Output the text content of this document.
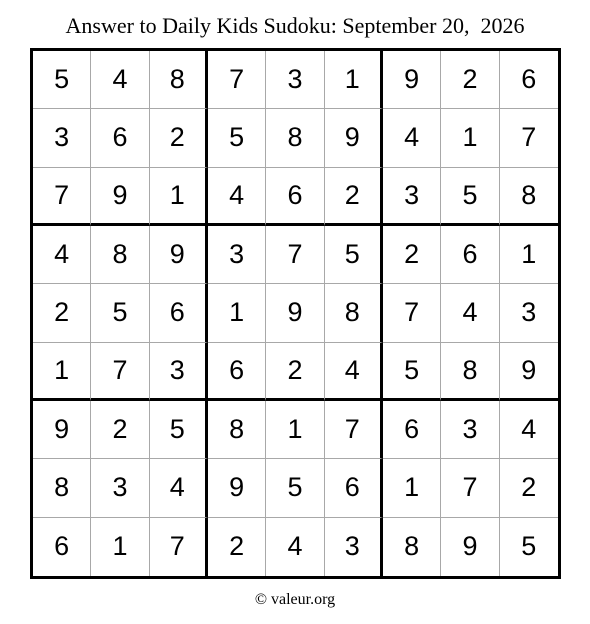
Answer to Daily Kids Sudoku: September 20,  2026
5	4	8	7	3	1	9	2	6
3	6	2	5	8	9	4	1	7
7	9	1	4	6	2	3	5	8
4	8	9	3	7	5	2	6	1
2	5	6	1	9	8	7	4	3
1	7	3	6	2	4	5	8	9
9	2	5	8	1	7	6	3	4
8	3	4	9	5	6	1	7	2
6	1	7	2	4	3	8	9	5
© valeur.org
